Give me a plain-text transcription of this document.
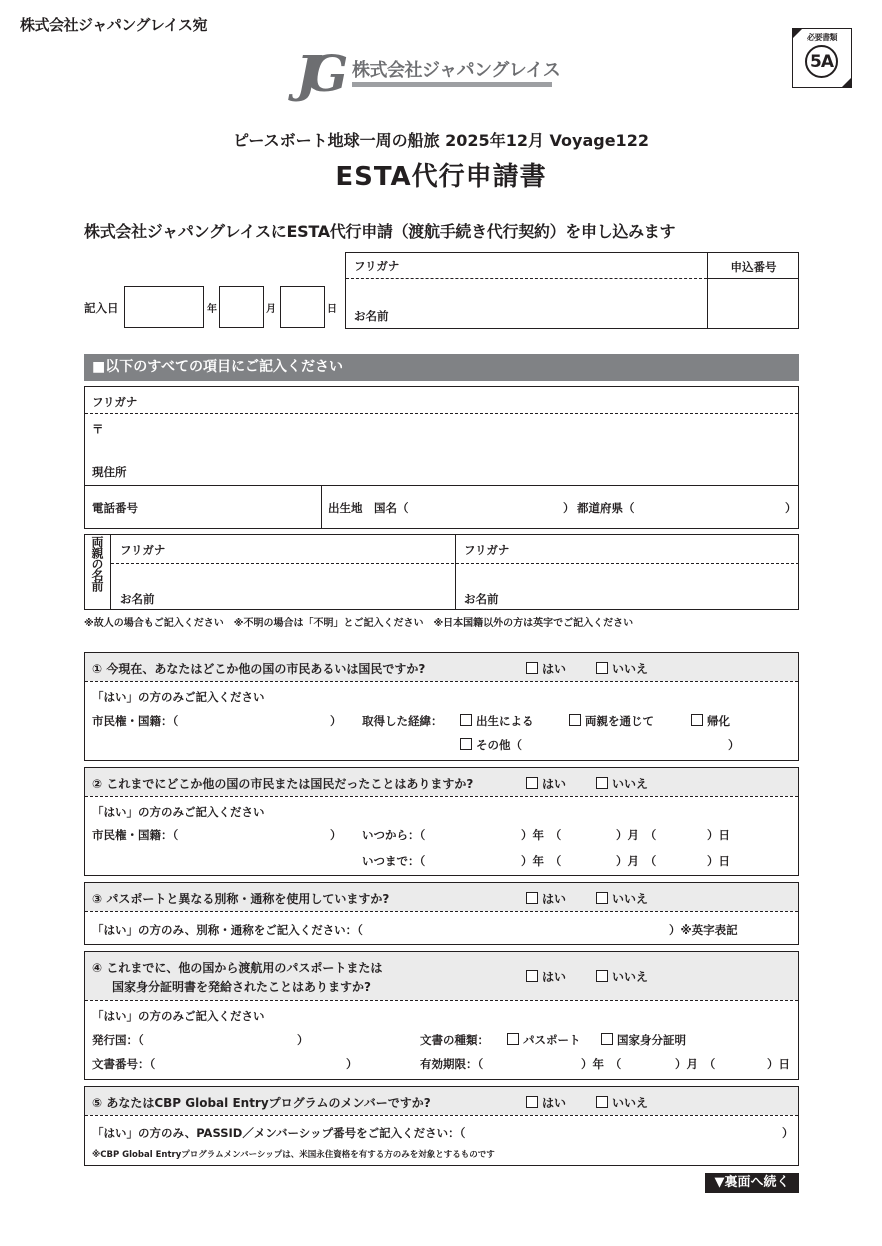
株式会社ジャパングレイス宛
必要書類
5A
JG 株式会社ジャパングレイス
ピースボート地球一周の船旅 2025年12月 Voyage122
ESTA代行申請書
株式会社ジャパングレイスにESTA代行申請（渡航手続き代行契約）を申し込みます
記入日	年	月	日
フリガナ
お名前
申込番号
■以下のすべての項目にご記入ください
フリガナ
〒
現住所
電話番号	出生地　国名（	） 都道府県（	）
両親の名前 フリガナ
お名前
フリガナ
お名前
※故人の場合もご記入ください　※不明の場合は「不明」とご記入ください　※日本国籍以外の方は英字でご記入ください
① 今現在、あなたはどこか他の国の市民あるいは国民ですか?	はい	いいえ
「はい」の方のみご記入ください
市民権・国籍：（	） 取得した経緯：	出生による	両親を通じて	帰化
その他（	）
② これまでにどこか他の国の市民または国民だったことはありますか?	はい	いいえ
「はい」の方のみご記入ください
市民権・国籍：（	） いつから：（	）年　（	）月　（	）日
いつまで：（	）年　（	）月　（	）日
③ パスポートと異なる別称・通称を使用していますか?	はい	いいえ
「はい」の方のみ、別称・通称をご記入ください：（	）※英字表記
④ これまでに、他の国から渡航用のパスポートまたは
国家身分証明書を発給されたことはありますか?
はい	いいえ
「はい」の方のみご記入ください
発行国：（	）	文書の種類：	パスポート	国家身分証明
文書番号：（	）	有効期限：（	）年　（	）月　（	）日
⑤ あなたはCBP Global Entryプログラムのメンバーですか?	はい	いいえ
「はい」の方のみ、PASSID／メンバーシップ番号をご記入ください：（	）
※CBP Global Entryプログラムメンバーシップは、米国永住資格を有する方のみを対象とするものです
▼裏面へ続く
